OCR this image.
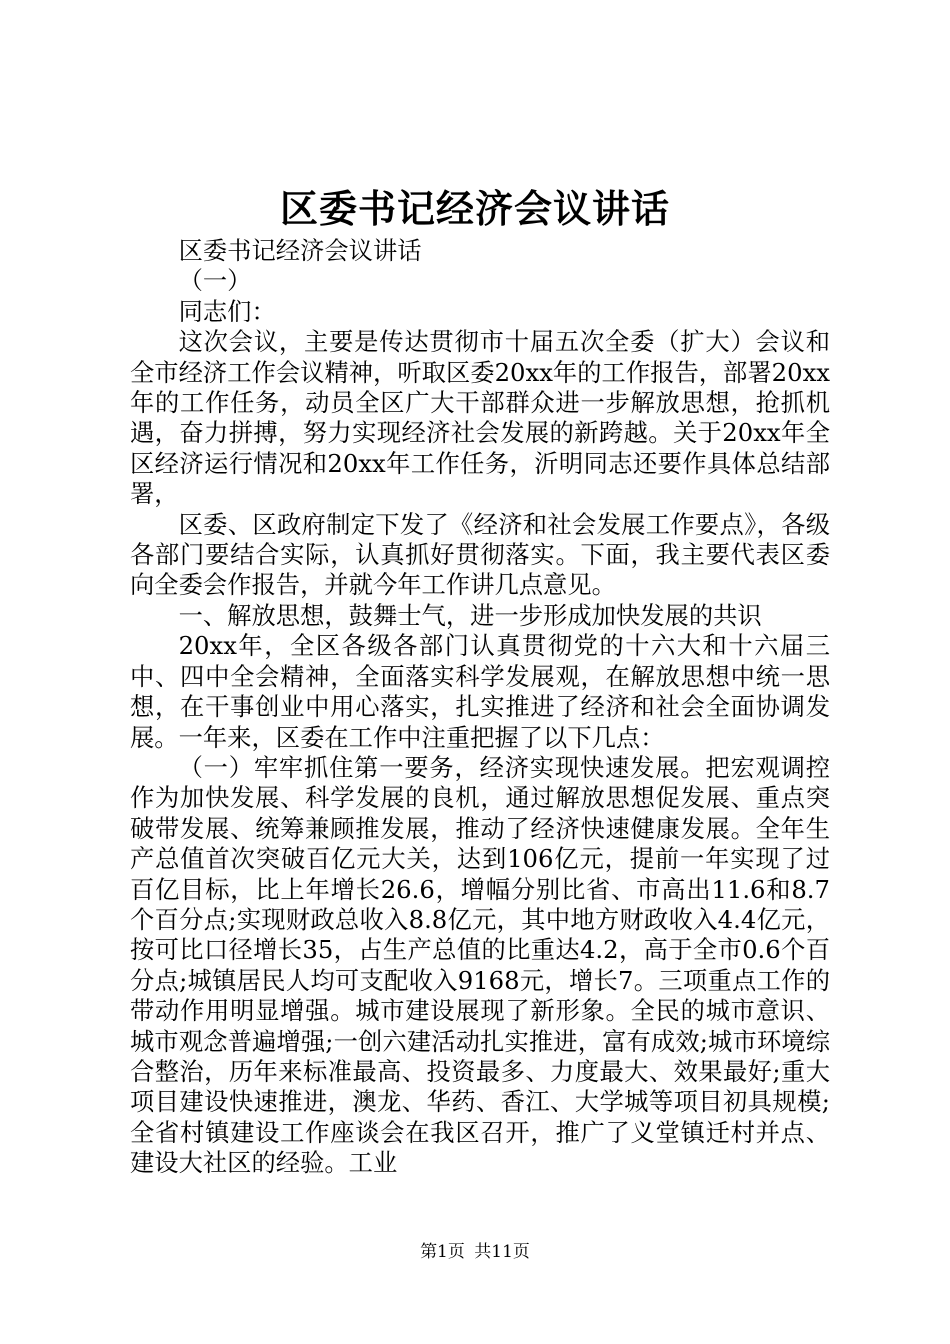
区委书记经济会议讲话

区委书记经济会议讲话

（一）

同志们：

这次会议，主要是传达贯彻市十届五次全委（扩大）会议和全市经济工作会议精神，听取区委20xx年的工作报告，部署20xx年的工作任务，动员全区广大干部群众进一步解放思想，抢抓机遇，奋力拼搏，努力实现经济社会发展的新跨越。关于20xx年全区经济运行情况和20xx年工作任务，沂明同志还要作具体总结部署，

区委、区政府制定下发了《经济和社会发展工作要点》，各级各部门要结合实际，认真抓好贯彻落实。下面，我主要代表区委向全委会作报告，并就今年工作讲几点意见。

一、解放思想，鼓舞士气，进一步形成加快发展的共识

20xx年，全区各级各部门认真贯彻党的十六大和十六届三中、四中全会精神，全面落实科学发展观，在解放思想中统一思想，在干事创业中用心落实，扎实推进了经济和社会全面协调发展。一年来，区委在工作中注重把握了以下几点：

（一）牢牢抓住第一要务，经济实现快速发展。把宏观调控作为加快发展、科学发展的良机，通过解放思想促发展、重点突破带发展、统筹兼顾推发展，推动了经济快速健康发展。全年生产总值首次突破百亿元大关，达到106亿元，提前一年实现了过百亿目标，比上年增长26.6，增幅分别比省、市高出11.6和8.7个百分点;实现财政总收入8.8亿元，其中地方财政收入4.4亿元，按可比口径增长35，占生产总值的比重达4.2，高于全市0.6个百分点;城镇居民人均可支配收入9168元，增长7。三项重点工作的带动作用明显增强。城市建设展现了新形象。全民的城市意识、城市观念普遍增强;一创六建活动扎实推进，富有成效;城市环境综合整治，历年来标准最高、投资最多、力度最大、效果最好;重大项目建设快速推进，澳龙、华药、香江、大学城等项目初具规模;全省村镇建设工作座谈会在我区召开，推广了义堂镇迁村并点、建设大社区的经验。工业

第1页 共11页
